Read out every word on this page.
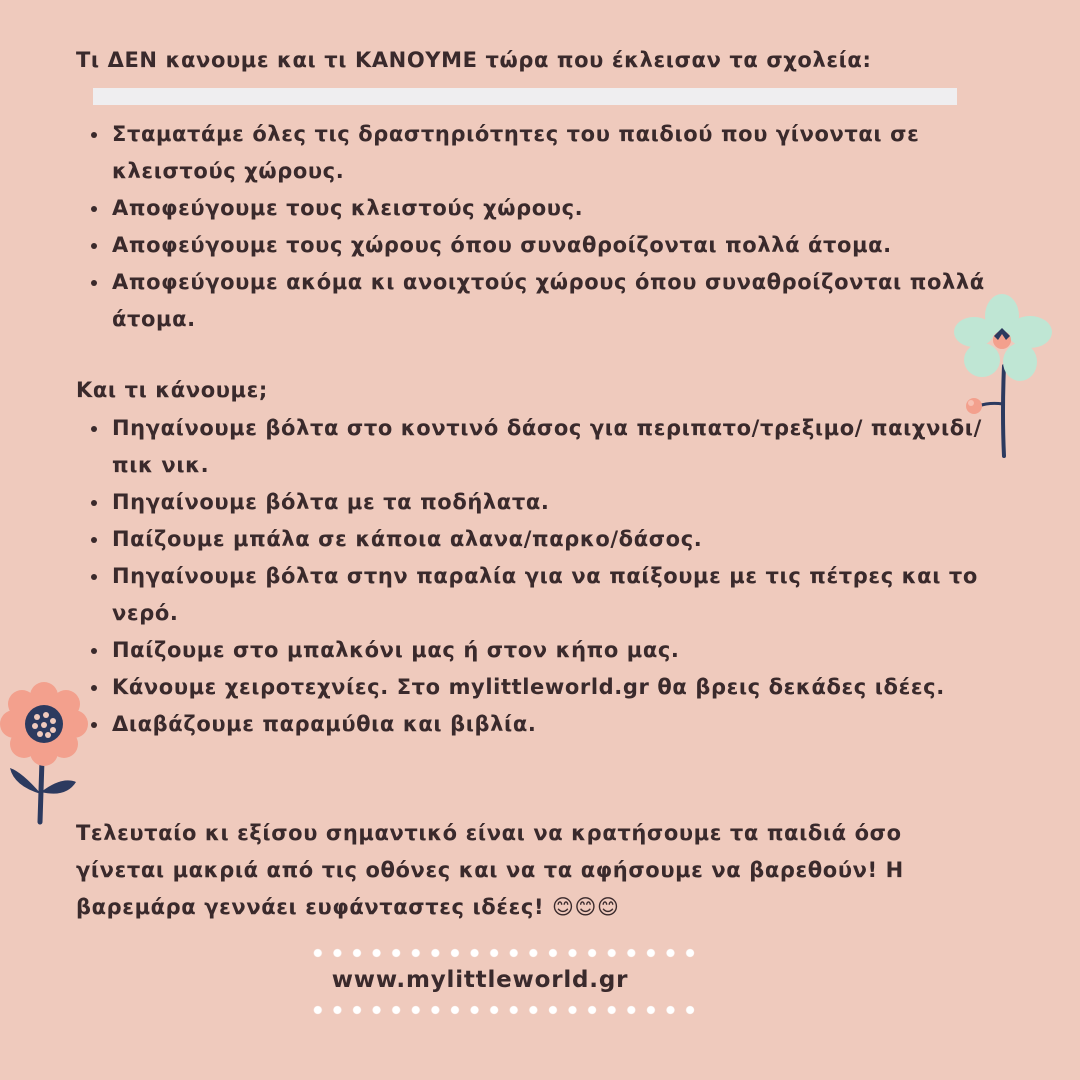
Τι ΔΕΝ κανουμε και τι ΚΑΝΟΥΜΕ τώρα που έκλεισαν τα σχολεία:

• Σταματάμε όλες τις δραστηριότητες του παιδιού που γίνονται σε κλειστούς χώρους.
• Αποφεύγουμε τους κλειστούς χώρους.
• Αποφεύγουμε τους χώρους όπου συναθροίζονται πολλά άτομα.
• Αποφεύγουμε ακόμα κι ανοιχτούς χώρους όπου συναθροίζονται πολλά άτομα.

Και τι κάνουμε;

• Πηγαίνουμε βόλτα στο κοντινό δάσος για περιπατο/τρεξιμο/ παιχνιδι/πικ νικ.
• Πηγαίνουμε βόλτα με τα ποδήλατα.
• Παίζουμε μπάλα σε κάποια αλανα/παρκο/δάσος.
• Πηγαίνουμε βόλτα στην παραλία για να παίξουμε με τις πέτρες και το νερό.
• Παίζουμε στο μπαλκόνι μας ή στον κήπο μας.
• Κάνουμε χειροτεχνίες. Στο mylittleworld.gr θα βρεις δεκάδες ιδέες.
• Διαβάζουμε παραμύθια και βιβλία.

Τελευταίο κι εξίσου σημαντικό είναι να κρατήσουμε τα παιδιά όσο γίνεται μακριά από τις οθόνες και να τα αφήσουμε να βαρεθούν! Η βαρεμάρα γεννάει ευφάνταστες ιδέες! 😊😊😊

www.mylittleworld.gr
